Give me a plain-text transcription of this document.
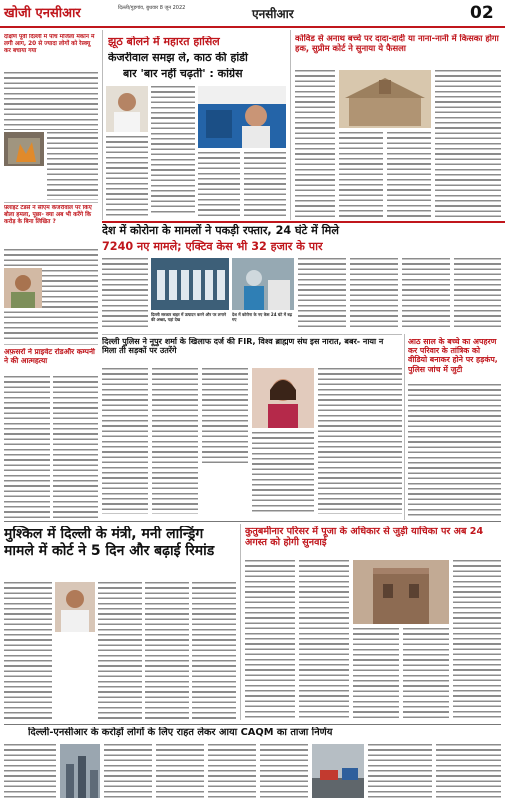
खोजी एनसीआर	दिल्ली/गुड़गांव, बुधवार 8 जून 2022	एनसीआर	02
दक्षिण पूर्वी दिल्ली में पांच मंजिला मकान में लगी आग, 20 से ज्यादा लोगों को रेस्क्यू कर बचाया गया
फ़्लाइट टेंडर्स ने सीएम केजरीवाल पर किए बोला हमला, पूछा- क्या अब भी करेंगे कि करोड़ के बिना लिखित ?
झूठ बोलने में महारत हासिल
केजरीवाल समझ ले, काठ की हांडी
बार 'बार नहीं चढ़ती' : कांग्रेस
कोविड से अनाथ बच्चे पर दादा-दादी या नाना-नानी में किसका होगा हक, सुप्रीम कोर्ट ने सुनाया ये फैसला
देश में कोरोना के मामलों ने पकड़ी रफ्तार, 24 घंटे में मिले
7240 नए मामले; एक्टिव केस भी 32 हजार के पार
दिल्ली सरकार बाहर में उत्पादन करने और पर लगाने की अच्छा, यहां देख
देश में कोरोना के नए केस 24 घंटे में बढ़ गए
अफ़सरों ने प्राइवेट रोडऔर कम्पनी ने की आत्महत्या
दिल्ली पुलिस ने नूपुर शर्मा के खिलाफ दर्ज की FIR, विश्व ब्राह्मण संघ इस नारात, बबर- नाया न मिला ती सड़कों पर उतरेंगे
आठ साल के बच्चे का अपहरण कर परिवार के तांत्रिक को वीडियो बनाकर होने पर हड़कंप, पुलिस जांच में जुटी
मुश्किल में दिल्ली के मंत्री, मनी लान्ड्रिंग मामले में कोर्ट ने 5 दिन और बढ़ाई रिमांड
कुतुबमीनार परिसर में पूजा के अधिकार से जुड़ी याचिका पर अब 24 अगस्त को होगी सुनवाई
दिल्ली-एनसीआर के करोड़ों लोगों के लिए राहत लेकर आया CAQM का ताजा निर्णय
